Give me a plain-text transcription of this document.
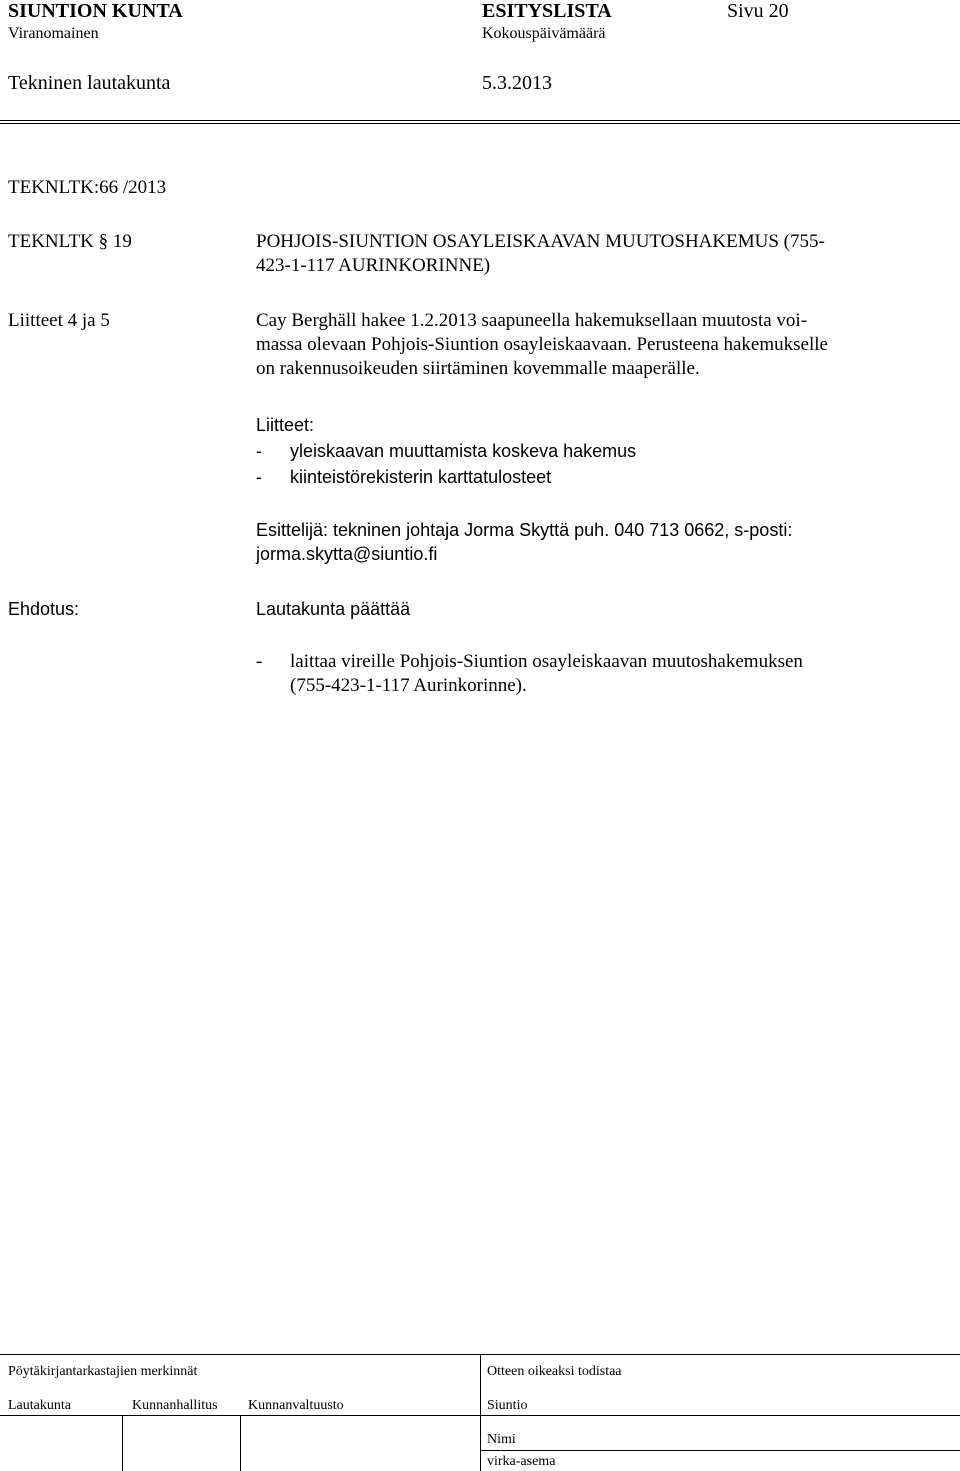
SIUNTION KUNTA	ESITYSLISTA	Sivu 20
Viranomainen	Kokouspäivämäärä
Tekninen lautakunta	5.3.2013
TEKNLTK:66 /2013
TEKNLTK § 19	POHJOIS-SIUNTION OSAYLEISKAAVAN MUUTOSHAKEMUS (755-
423-1-117 AURINKORINNE)
Liitteet 4 ja 5	Cay Berghäll hakee 1.2.2013 saapuneella hakemuksellaan muutosta voi-
massa olevaan Pohjois-Siuntion osayleiskaavaan. Perusteena hakemukselle
on rakennusoikeuden siirtäminen kovemmalle maaperälle.
Liitteet:
- yleiskaavan muuttamista koskeva hakemus
- kiinteistörekisterin karttatulosteet
Esittelijä: tekninen johtaja Jorma Skyttä puh. 040 713 0662, s-posti:
jorma.skytta@siuntio.fi
Ehdotus:	Lautakunta päättää
- laittaa vireille Pohjois-Siuntion osayleiskaavan muutoshakemuksen
(755-423-1-117 Aurinkorinne).
Pöytäkirjantarkastajien merkinnät	Otteen oikeaksi todistaa
Lautakunta	Kunnanhallitus Kunnanvaltuusto	Siuntio
Nimi
virka-asema
